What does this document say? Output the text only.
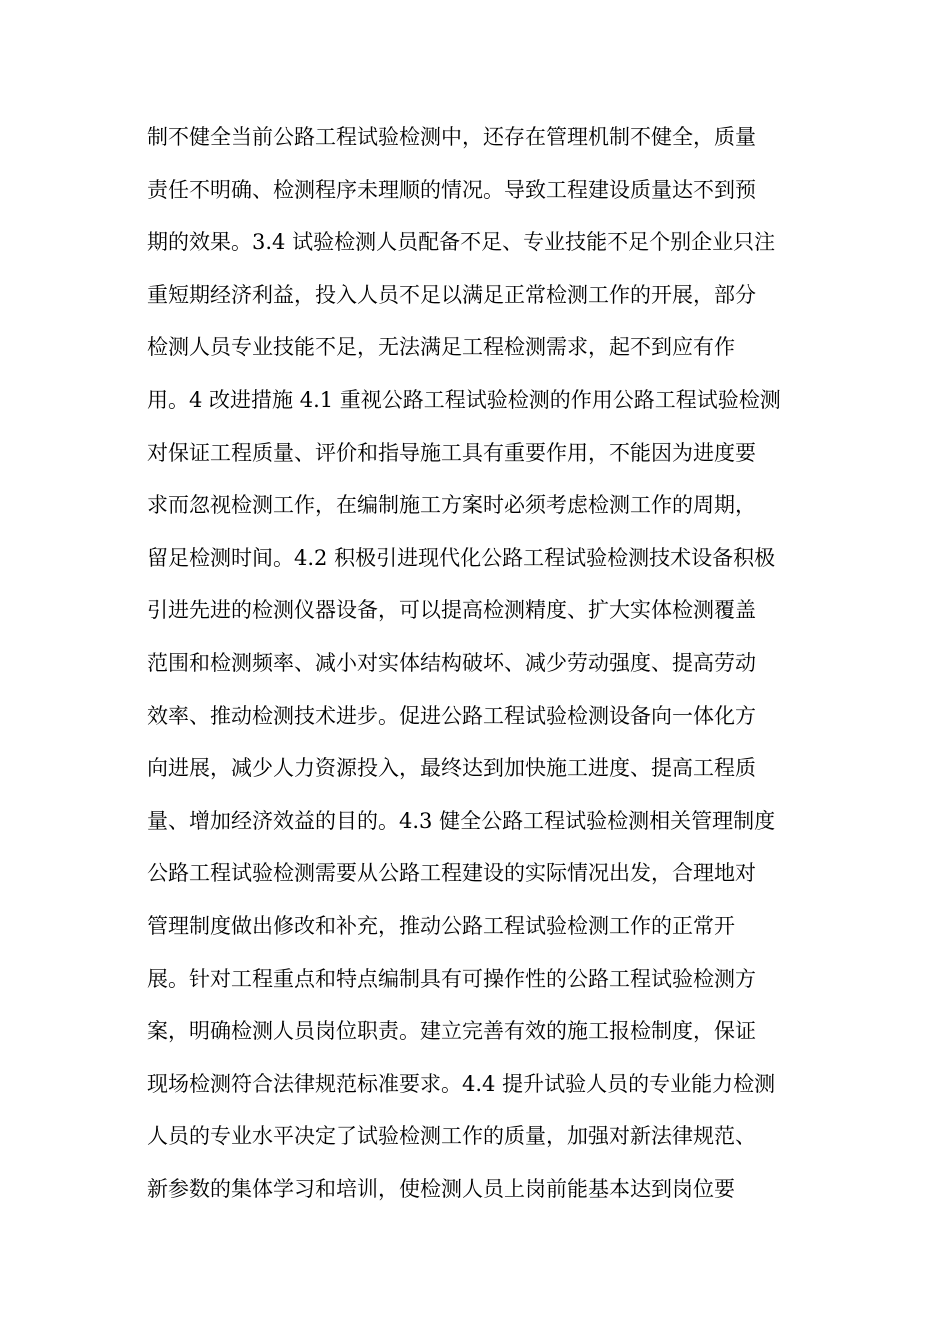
制不健全当前公路工程试验检测中，还存在管理机制不健全，质量
责任不明确、检测程序未理顺的情况。导致工程建设质量达不到预
期的效果。3.4 试验检测人员配备不足、专业技能不足个别企业只注
重短期经济利益，投入人员不足以满足正常检测工作的开展，部分
检测人员专业技能不足，无法满足工程检测需求，起不到应有作
用。4 改进措施 4.1 重视公路工程试验检测的作用公路工程试验检测
对保证工程质量、评价和指导施工具有重要作用，不能因为进度要
求而忽视检测工作，在编制施工方案时必须考虑检测工作的周期，
留足检测时间。4.2 积极引进现代化公路工程试验检测技术设备积极
引进先进的检测仪器设备，可以提高检测精度、扩大实体检测覆盖
范围和检测频率、减小对实体结构破坏、减少劳动强度、提高劳动
效率、推动检测技术进步。促进公路工程试验检测设备向一体化方
向进展，减少人力资源投入，最终达到加快施工进度、提高工程质
量、增加经济效益的目的。4.3 健全公路工程试验检测相关管理制度
公路工程试验检测需要从公路工程建设的实际情况出发，合理地对
管理制度做出修改和补充，推动公路工程试验检测工作的正常开
展。针对工程重点和特点编制具有可操作性的公路工程试验检测方
案，明确检测人员岗位职责。建立完善有效的施工报检制度，保证
现场检测符合法律规范标准要求。4.4 提升试验人员的专业能力检测
人员的专业水平决定了试验检测工作的质量，加强对新法律规范、
新参数的集体学习和培训，使检测人员上岗前能基本达到岗位要
